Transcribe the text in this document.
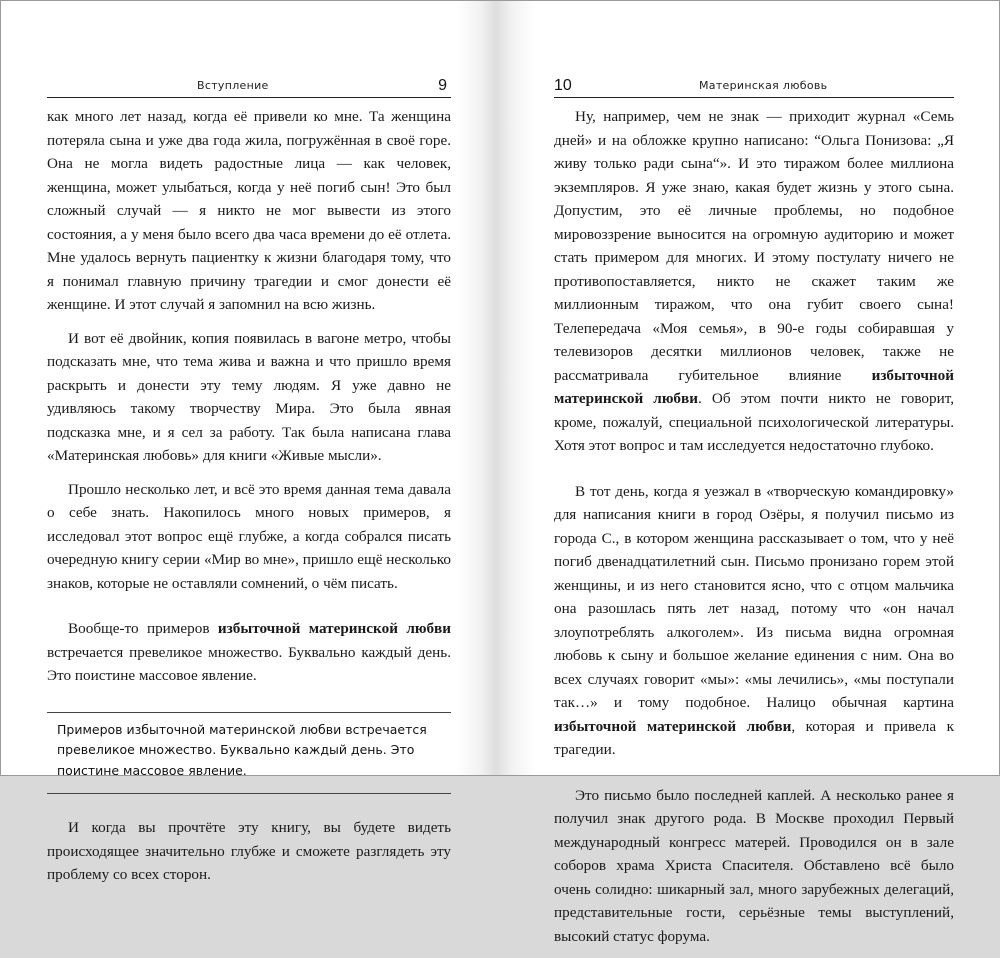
Вступление	9

как много лет назад, когда её привели ко мне. Та женщина потеряла сына и уже два года жила, погружённая в своё горе. Она не могла видеть радостные лица — как человек, женщина, может улыбаться, когда у неё погиб сын! Это был сложный случай — я никто не мог вывести из этого состояния, а у меня было всего два часа времени до её отлета. Мне удалось вернуть пациентку к жизни благодаря тому, что я понимал главную причину трагедии и смог донести её женщине. И этот случай я запомнил на всю жизнь.

И вот её двойник, копия появилась в вагоне метро, чтобы подсказать мне, что тема жива и важна и что пришло время раскрыть и донести эту тему людям. Я уже давно не удивляюсь такому творчеству Мира. Это была явная подсказка мне, и я сел за работу. Так была написана глава «Материнская любовь» для книги «Живые мысли».

Прошло несколько лет, и всё это время данная тема давала о себе знать. Накопилось много новых примеров, я исследовал этот вопрос ещё глубже, а когда собрался писать очередную книгу серии «Мир во мне», пришло ещё несколько знаков, которые не оставляли сомнений, о чём писать.

Вообще-то примеров избыточной материнской любви встречается превеликое множество. Буквально каждый день. Это поистине массовое явление.

Примеров избыточной материнской любви встречается превеликое множество. Буквально каждый день. Это поистине массовое явление.

И когда вы прочтёте эту книгу, вы будете видеть происходящее значительно глубже и сможете разглядеть эту проблему со всех сторон.

10	Материнская любовь

Ну, например, чем не знак — приходит журнал «Семь дней» и на обложке крупно написано: “Ольга Понизова: „Я живу только ради сына“». И это тиражом более миллиона экземпляров. Я уже знаю, какая будет жизнь у этого сына. Допустим, это её личные проблемы, но подобное мировоззрение выносится на огромную аудиторию и может стать примером для многих. И этому постулату ничего не противопоставляется, никто не скажет таким же миллионным тиражом, что она губит своего сына! Телепередача «Моя семья», в 90-е годы собиравшая у телевизоров десятки миллионов человек, также не рассматривала губительное влияние избыточной материнской любви. Об этом почти никто не говорит, кроме, пожалуй, специальной психологической литературы. Хотя этот вопрос и там исследуется недостаточно глубоко.

В тот день, когда я уезжал в «творческую командировку» для написания книги в город Озёры, я получил письмо из города С., в котором женщина рассказывает о том, что у неё погиб двенадцатилетний сын. Письмо пронизано горем этой женщины, и из него становится ясно, что с отцом мальчика она разошлась пять лет назад, потому что «он начал злоупотреблять алкоголем». Из письма видна огромная любовь к сыну и большое желание единения с ним. Она во всех случаях говорит «мы»: «мы лечились», «мы поступали так…» и тому подобное. Налицо обычная картина избыточной материнской любви, которая и привела к трагедии.

Это письмо было последней каплей. А несколько ранее я получил знак другого рода. В Москве проходил Первый международный конгресс матерей. Проводился он в зале соборов храма Христа Спасителя. Обставлено всё было очень солидно: шикарный зал, много зарубежных делегаций, представительные гости, серьёзные темы выступлений, высокий статус форума.
